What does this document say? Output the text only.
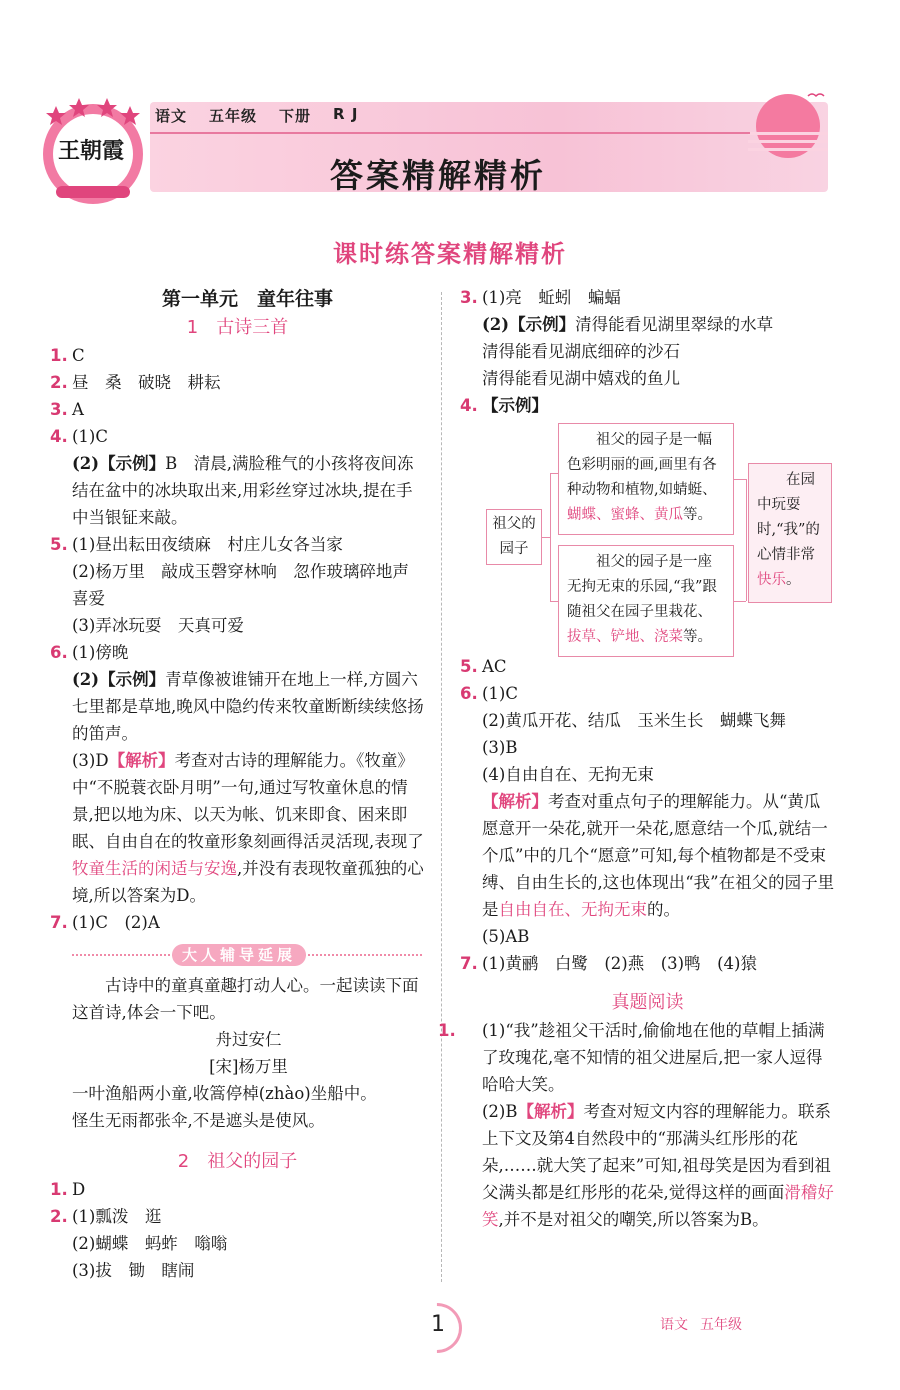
王朝霞
语文 五年级 下册 R J
答案精解精析
课时练答案精解精析
第一单元　童年往事
1　古诗三首
1. C
2. 昼　桑　破晓　耕耘
3. A
4. (1)C
(2)【示例】B　清晨,满脸稚气的小孩将夜间冻结在盆中的冰块取出来,用彩丝穿过冰块,提在手中当银钲来敲。
5. (1)昼出耘田夜绩麻　村庄儿女各当家
(2)杨万里　敲成玉磬穿林响　忽作玻璃碎地声　喜爱
(3)弄冰玩耍　天真可爱
6. (1)傍晚
(2)【示例】青草像被谁铺开在地上一样,方圆六七里都是草地,晚风中隐约传来牧童断断续续悠扬的笛声。
(3)D【解析】考查对古诗的理解能力。《牧童》中“不脱蓑衣卧月明”一句,通过写牧童休息的情景,把以地为床、以天为帐、饥来即食、困来即眠、自由自在的牧童形象刻画得活灵活现,表现了牧童生活的闲适与安逸,并没有表现牧童孤独的心境,所以答案为D。
7. (1)C　(2)A
大人辅导延展
古诗中的童真童趣打动人心。一起读读下面这首诗,体会一下吧。
舟过安仁
[宋]杨万里
一叶渔船两小童,收篙停棹(zhào)坐船中。
怪生无雨都张伞,不是遮头是使风。
2　祖父的园子
1. D
2. (1)瓢泼　逛
(2)蝴蝶　蚂蚱　嗡嗡
(3)拔　锄　瞎闹
3. (1)亮　蚯蚓　蝙蝠
(2)【示例】清得能看见湖里翠绿的水草
清得能看见湖底细碎的沙石
清得能看见湖中嬉戏的鱼儿
4. 【示例】
祖父的园子
祖父的园子是一幅色彩明丽的画,画里有各种动物和植物,如蜻蜓、蝴蝶、蜜蜂、黄瓜等。
祖父的园子是一座无拘无束的乐园,“我”跟随祖父在园子里栽花、拔草、铲地、浇菜等。
在园中玩耍时,“我”的心情非常快乐。
5. AC
6. (1)C
(2)黄瓜开花、结瓜　玉米生长　蝴蝶飞舞
(3)B
(4)自由自在、无拘无束
【解析】考查对重点句子的理解能力。从“黄瓜愿意开一朵花,就开一朵花,愿意结一个瓜,就结一个瓜”中的几个“愿意”可知,每个植物都是不受束缚、自由生长的,这也体现出“我”在祖父的园子里是自由自在、无拘无束的。
(5)AB
7. (1)黄鹂　白鹭　(2)燕　(3)鸭　(4)猿
真题阅读
1. (1)“我”趁祖父干活时,偷偷地在他的草帽上插满了玫瑰花,毫不知情的祖父进屋后,把一家人逗得哈哈大笑。
(2)B【解析】考查对短文内容的理解能力。联系上下文及第4自然段中的“那满头红彤彤的花朵,……就大笑了起来”可知,祖母笑是因为看到祖父满头都是红彤彤的花朵,觉得这样的画面滑稽好笑,并不是对祖父的嘲笑,所以答案为B。
1	语文 五年级
